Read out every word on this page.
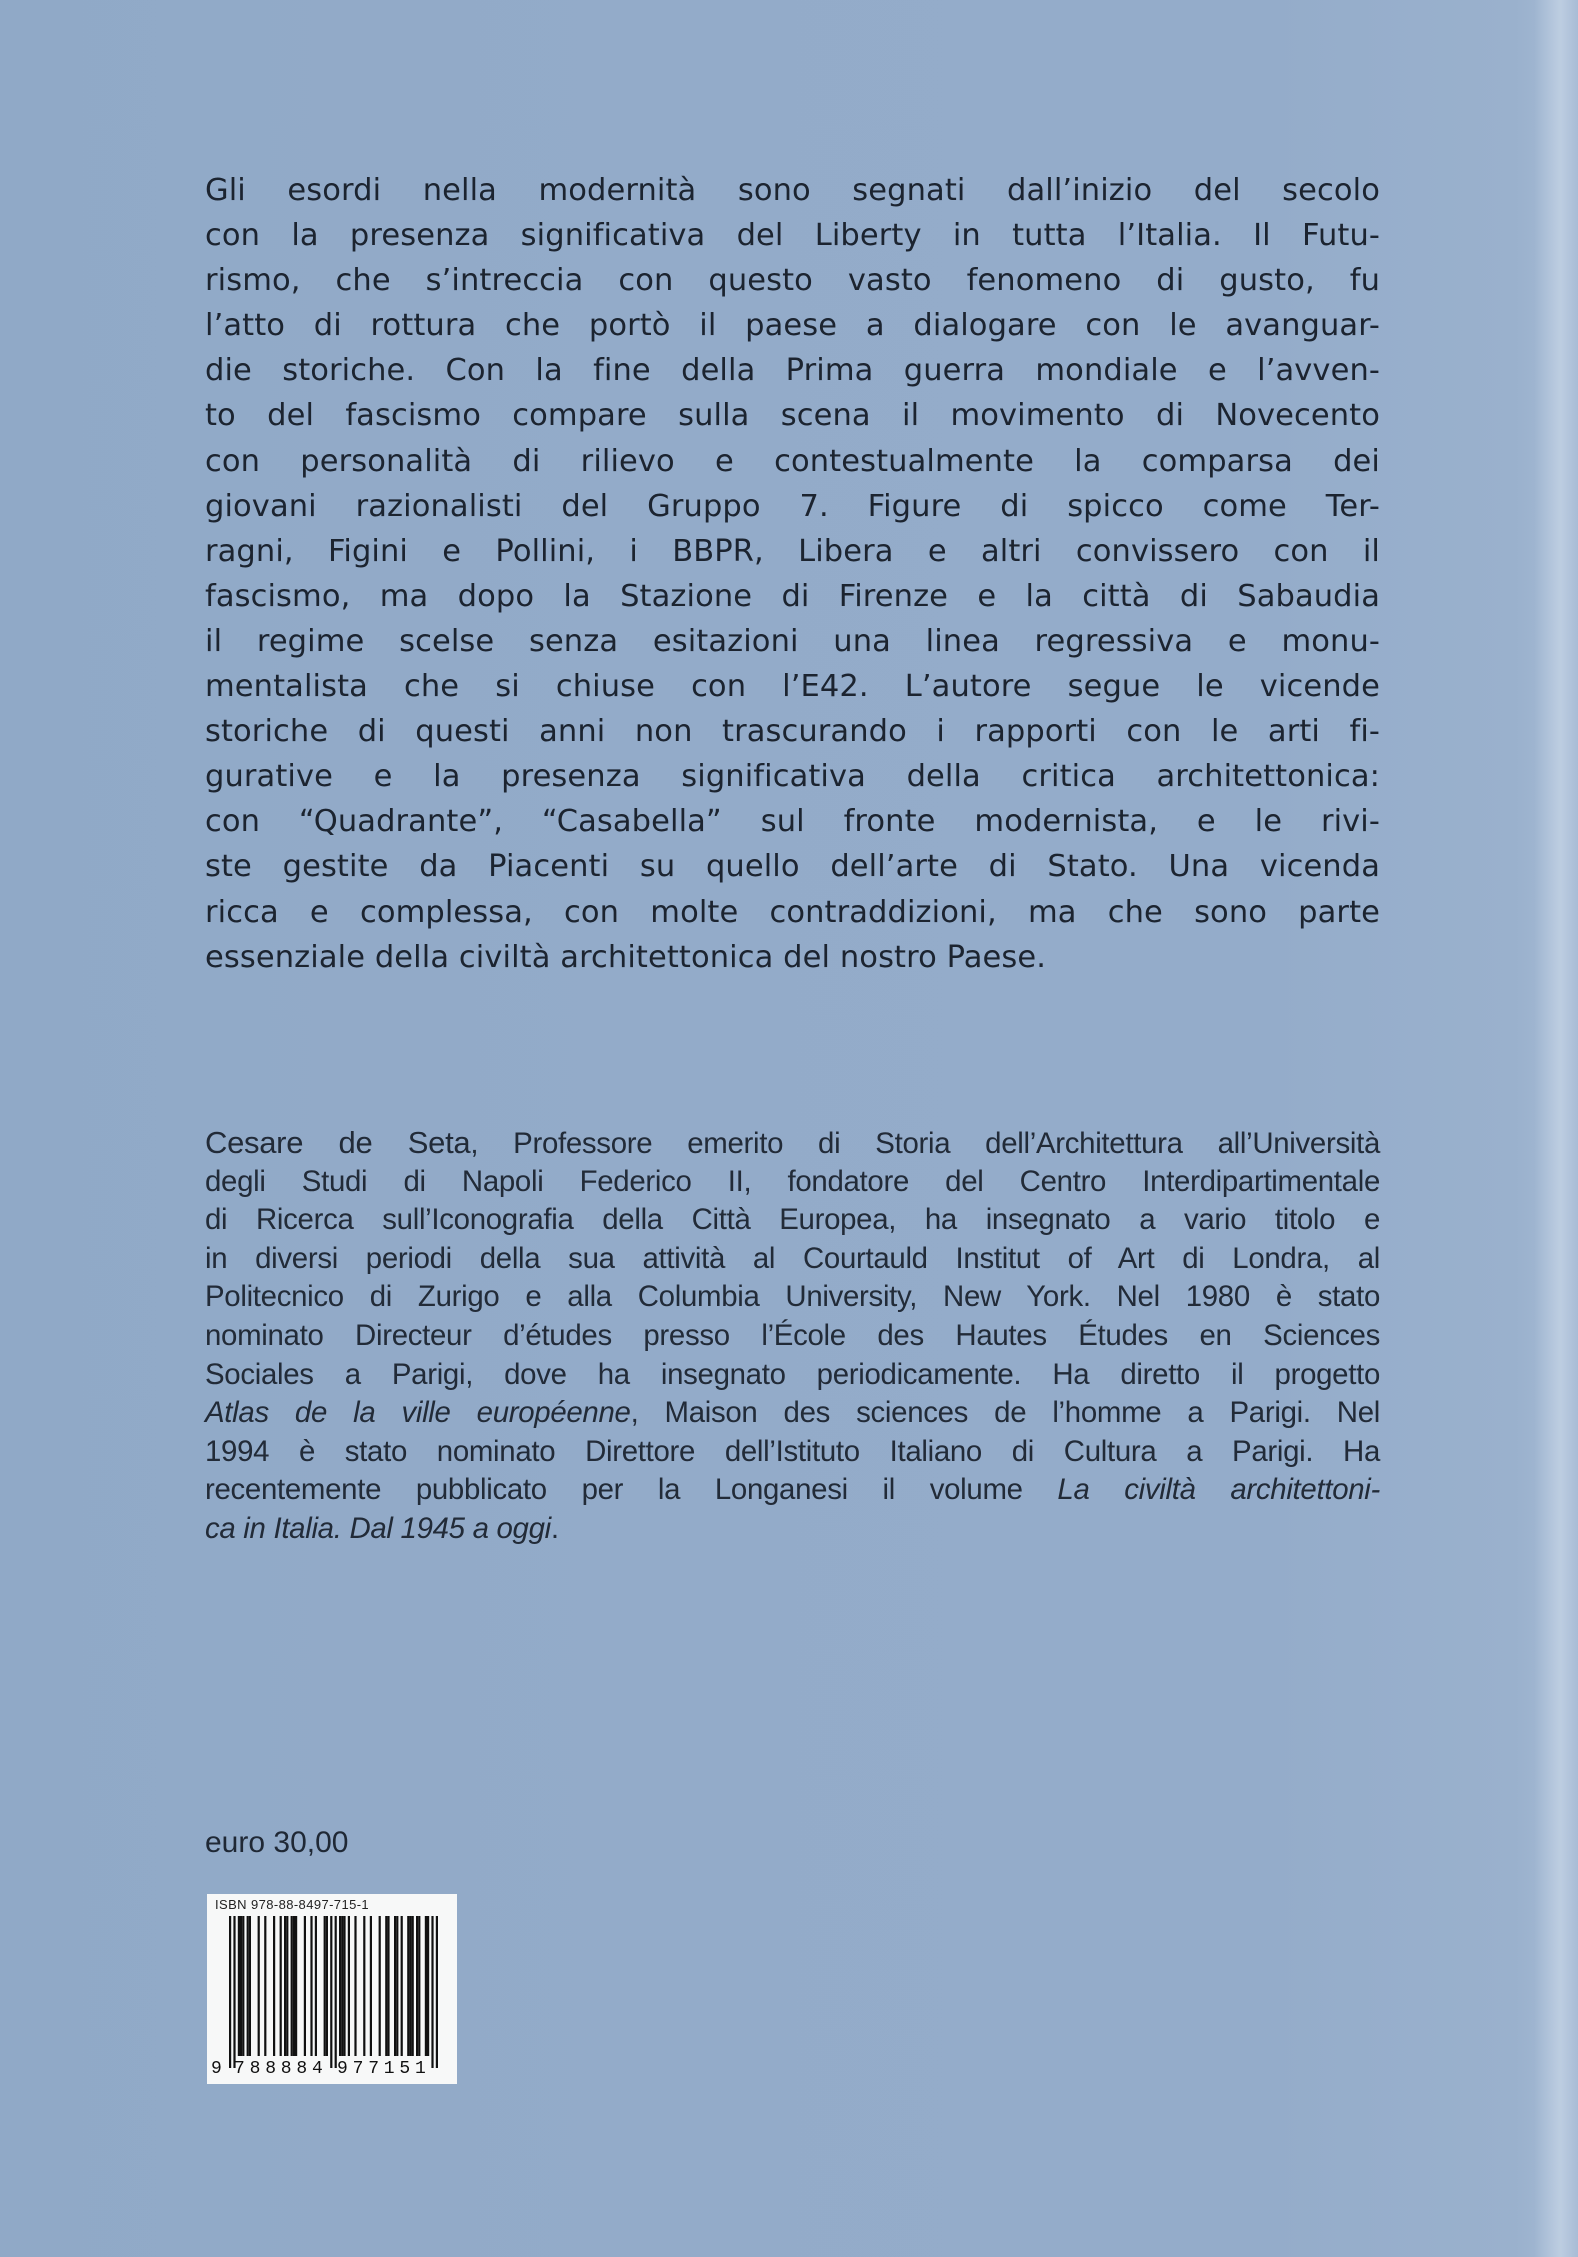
Gli esordi nella modernità sono segnati dall’inizio del secolo
con la presenza significativa del Liberty in tutta l’Italia. Il Futu-
rismo, che s’intreccia con questo vasto fenomeno di gusto, fu
l’atto di rottura che portò il paese a dialogare con le avanguar-
die storiche. Con la fine della Prima guerra mondiale e l’avven-
to del fascismo compare sulla scena il movimento di Novecento
con personalità di rilievo e contestualmente la comparsa dei
giovani razionalisti del Gruppo 7. Figure di spicco come Ter-
ragni, Figini e Pollini, i BBPR, Libera e altri convissero con il
fascismo, ma dopo la Stazione di Firenze e la città di Sabaudia
il regime scelse senza esitazioni una linea regressiva e monu-
mentalista che si chiuse con l’E42. L’autore segue le vicende
storiche di questi anni non trascurando i rapporti con le arti fi-
gurative e la presenza significativa della critica architettonica:
con “Quadrante”, “Casabella” sul fronte modernista, e le rivi-
ste gestite da Piacenti su quello dell’arte di Stato. Una vicenda
ricca e complessa, con molte contraddizioni, ma che sono parte
essenziale della civiltà architettonica del nostro Paese.
Cesare de Seta, Professore emerito di Storia dell’Architettura all’Università
degli Studi di Napoli Federico II, fondatore del Centro Interdipartimentale
di Ricerca sull’Iconografia della Città Europea, ha insegnato a vario titolo e
in diversi periodi della sua attività al Courtauld Institut of Art di Londra, al
Politecnico di Zurigo e alla Columbia University, New York. Nel 1980 è stato
nominato Directeur d’études presso l’École des Hautes Études en Sciences
Sociales a Parigi, dove ha insegnato periodicamente. Ha diretto il progetto
Atlas de la ville européenne, Maison des sciences de l’homme a Parigi. Nel
1994 è stato nominato Direttore dell’Istituto Italiano di Cultura a Parigi. Ha
recentemente pubblicato per la Longanesi il volume La civiltà architettoni-
ca in Italia. Dal 1945 a oggi.
euro 30,00
ISBN 978-88-8497-715-1
9 788884 977151
